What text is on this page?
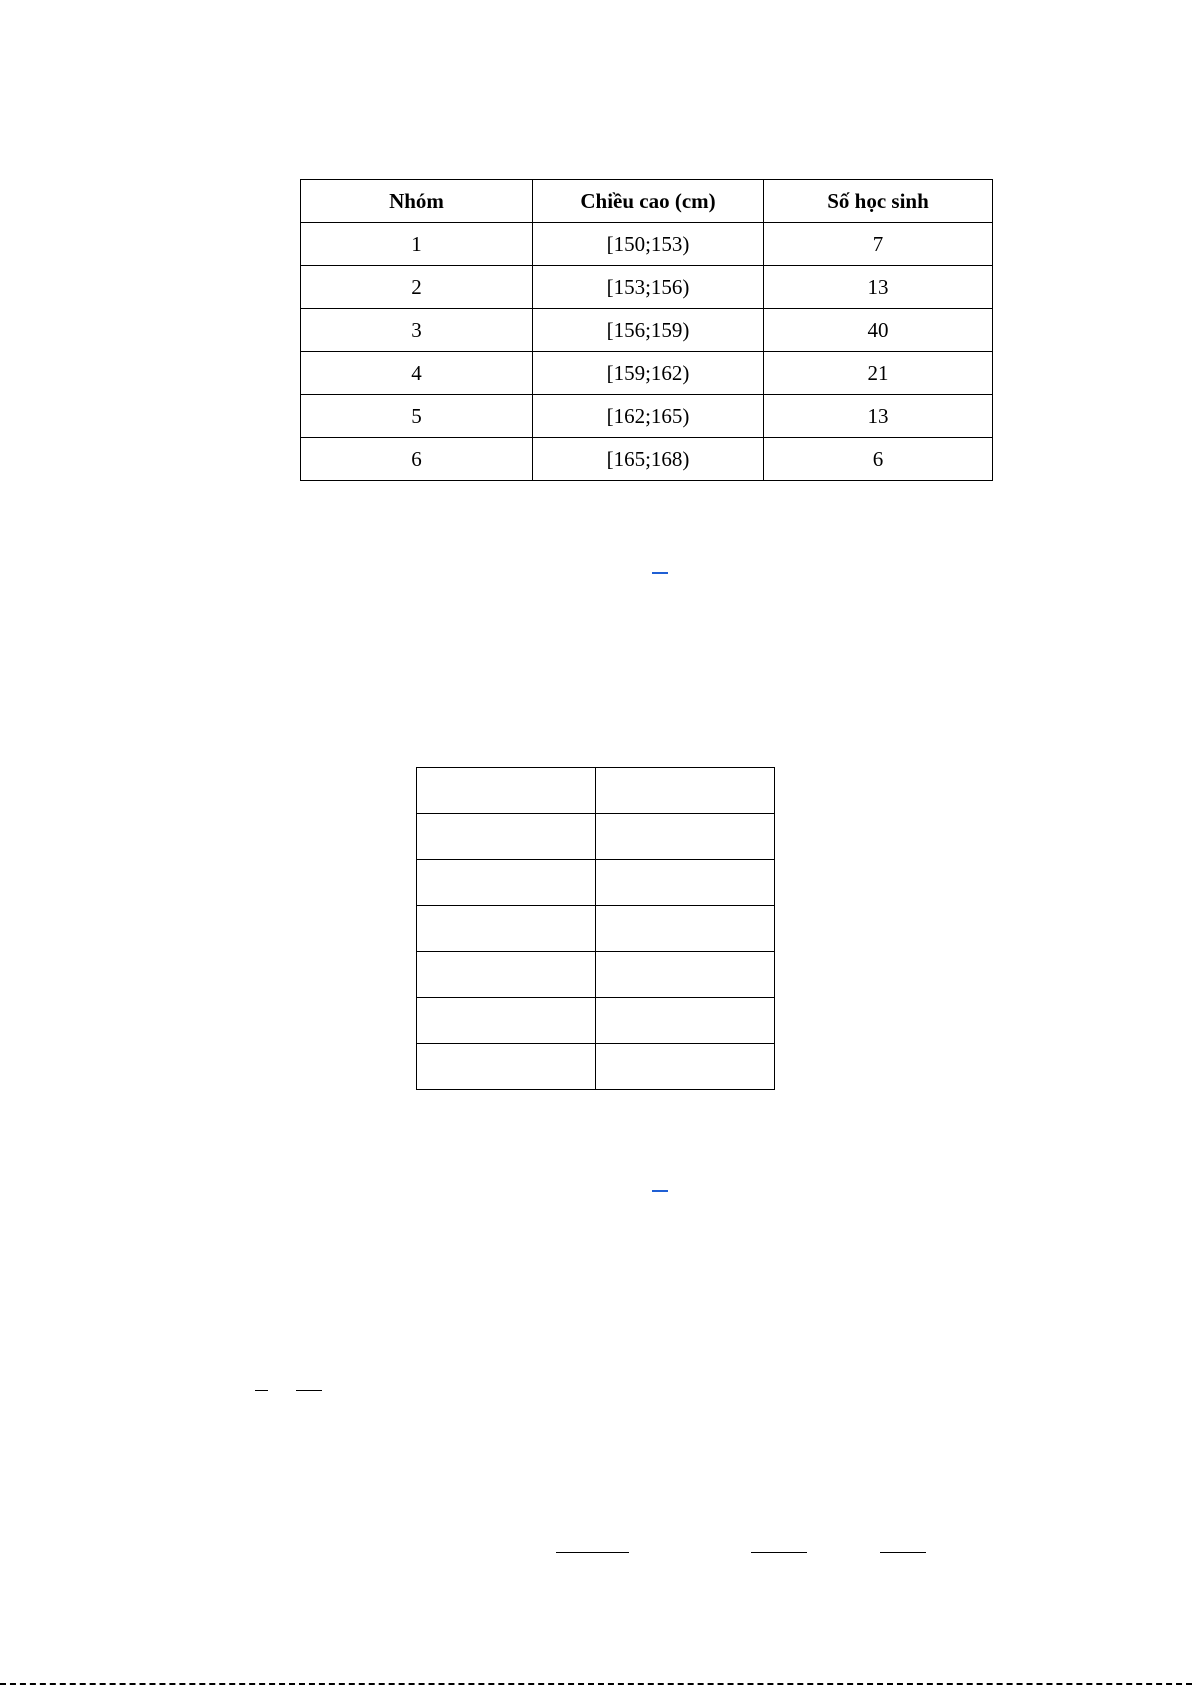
Nhóm	Chiều cao (cm)	Số học sinh
1	[150;153)	7
2	[153;156)	13
3	[156;159)	40
4	[159;162)	21
5	[162;165)	13
6	[165;168)	6
